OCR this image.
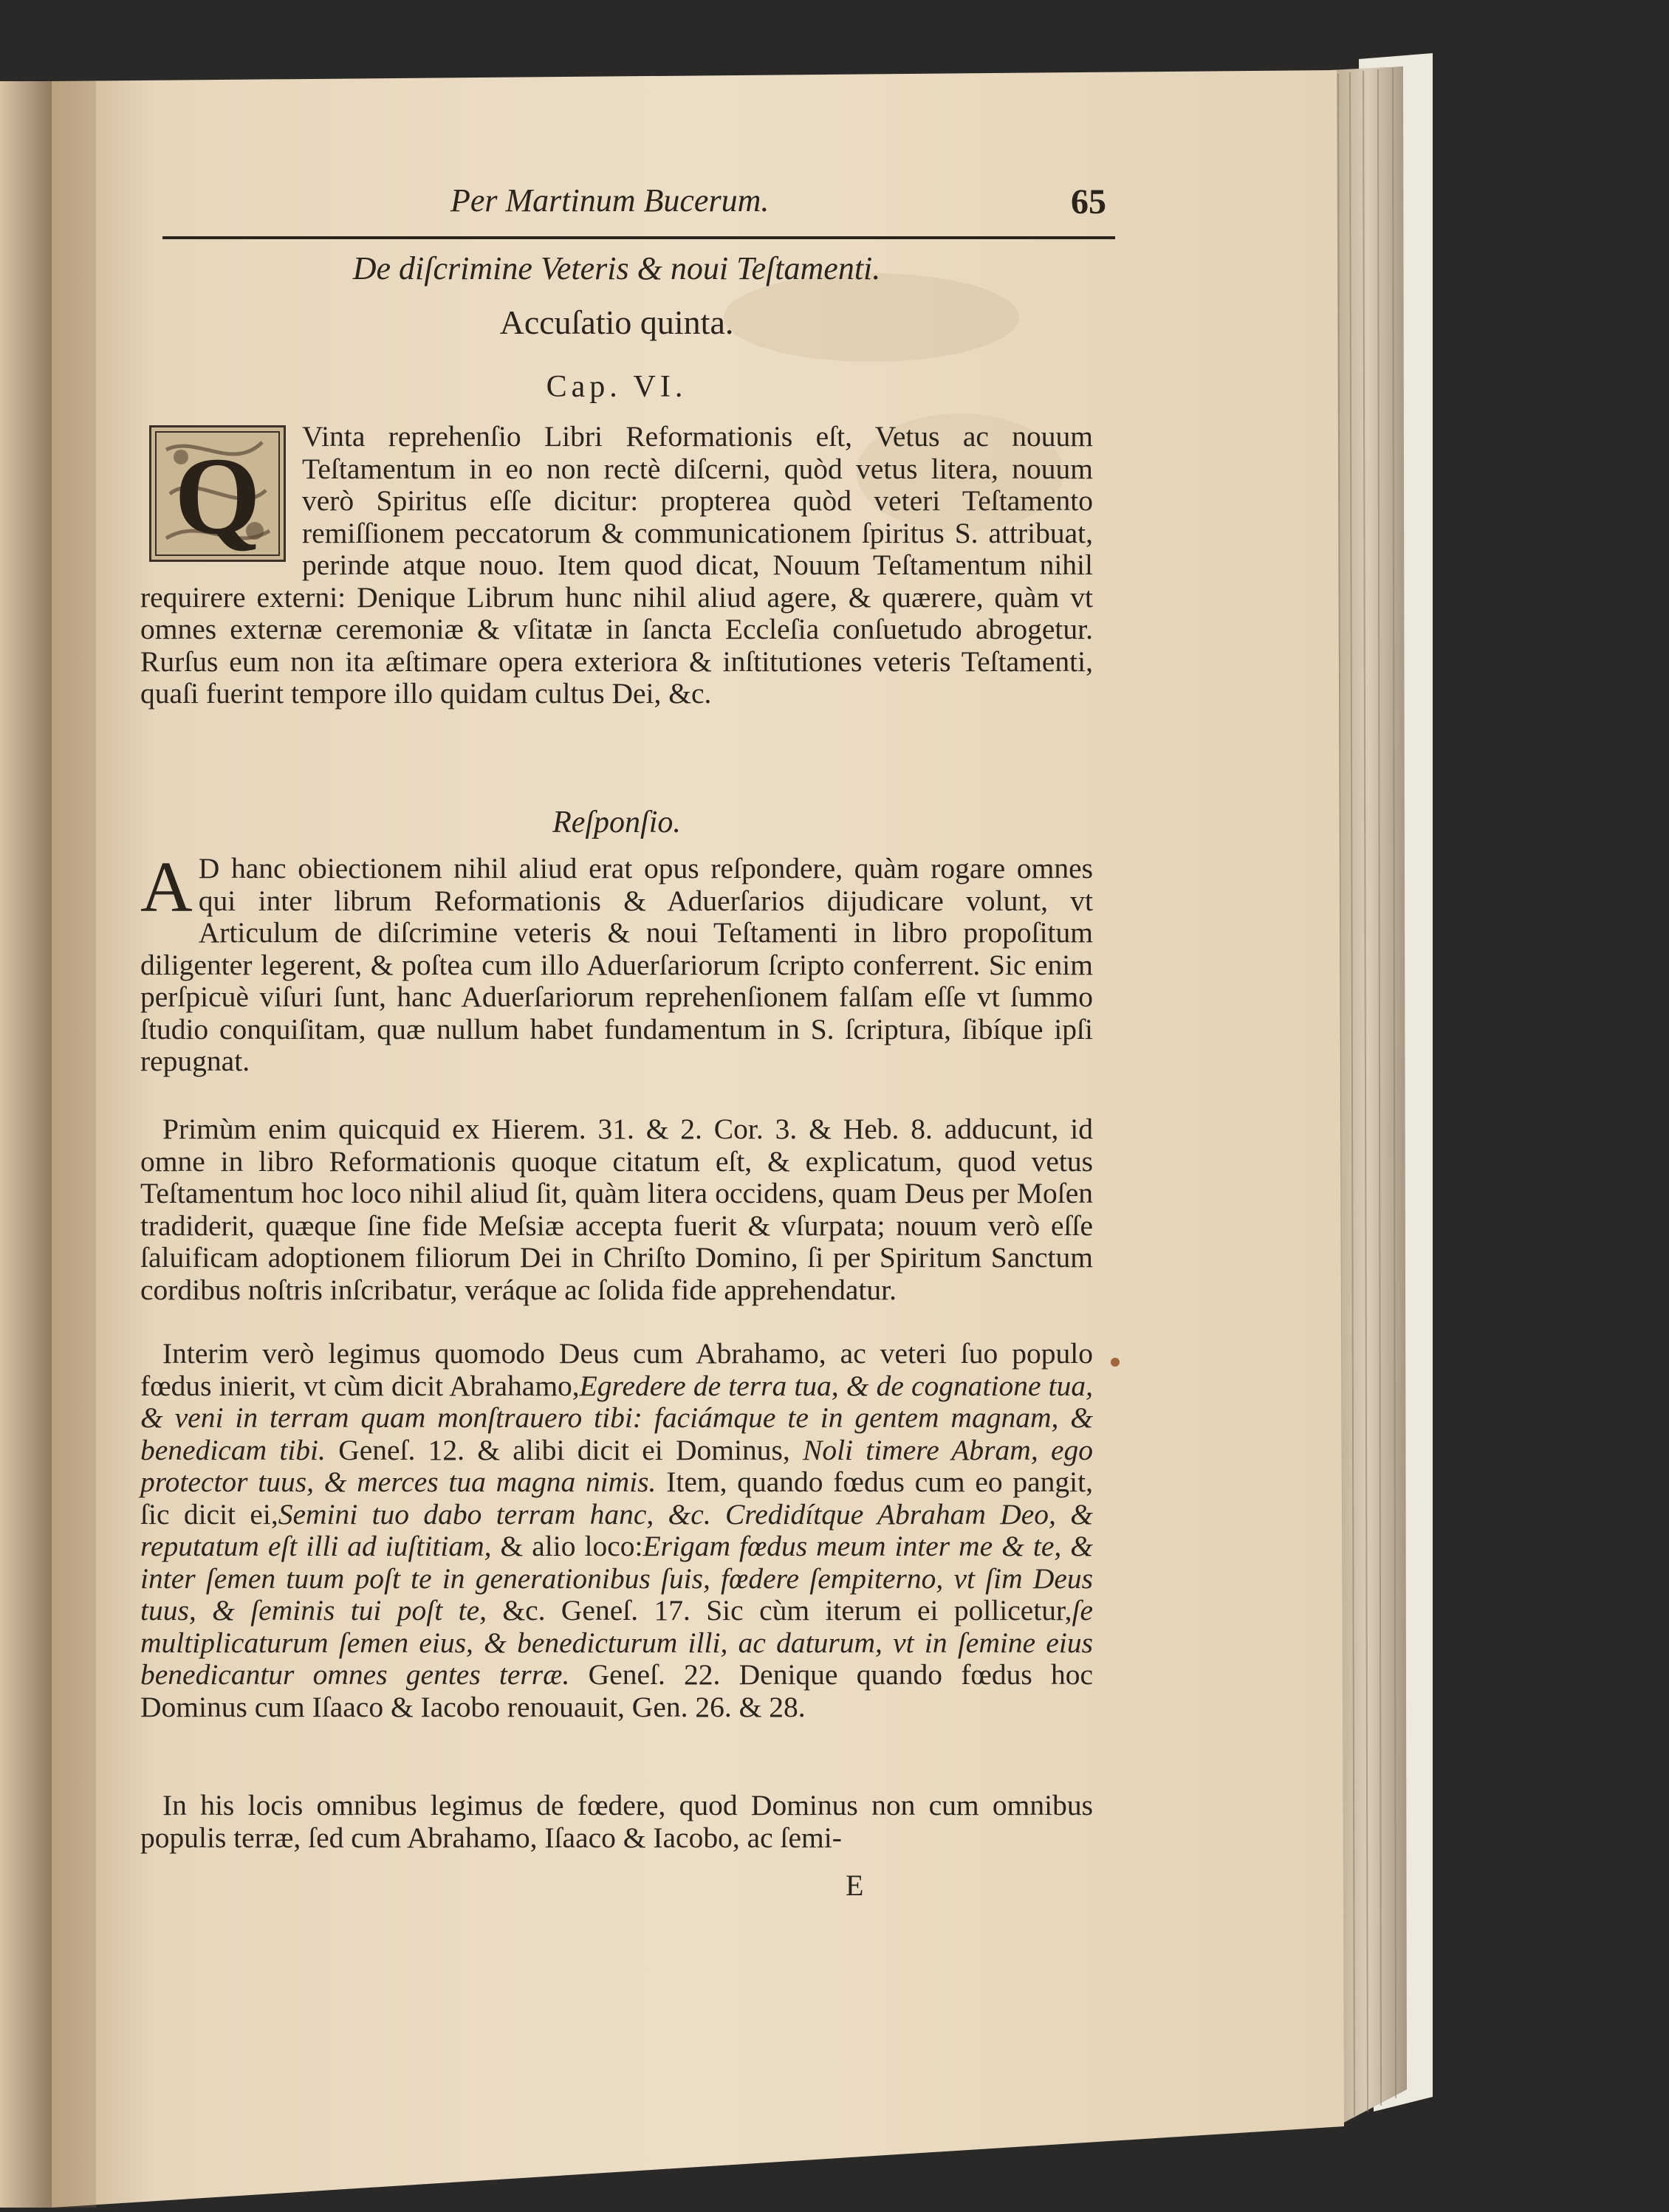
Per Martinum Bucerum.	65
De diſcrimine Veteris & noui Teſtamenti.
Accuſatio quinta.
Cap. VI.
Q	Vinta reprehenſio Libri Reformationis eſt, Vetus ac nouum Teſtamentum in eo non rectè diſcerni, quòd vetus litera, nouum verò Spiritus eſſe dicitur: propterea quòd veteri Teſtamento remiſſionem peccatorum & communicationem ſpiritus S. attribuat, perinde atque nouo. Item quod dicat, Nouum Teſtamentum nihil requirere externi: Denique Librum hunc nihil aliud agere, & quærere, quàm vt omnes externæ ceremoniæ & vſitatæ in ſancta Eccleſia conſuetudo abrogetur. Rurſus eum non ita æſtimare opera exteriora & inſtitutiones veteris Teſtamenti, quaſi fuerint tempore illo quidam cultus Dei, &c.
Reſponſio.
A D hanc obiectionem nihil aliud erat opus reſpondere, quàm rogare omnes qui inter librum Reformationis & Aduerſarios dijudicare volunt, vt Articulum de diſcrimine veteris & noui Teſtamenti in libro propoſitum diligenter legerent, & poſtea cum illo Aduerſariorum ſcripto conferrent. Sic enim perſpicuè viſuri ſunt, hanc Aduerſariorum reprehenſionem falſam eſſe vt ſummo ſtudio conquiſitam, quæ nullum habet fundamentum in S. ſcriptura, ſibíque ipſi repugnat.
Primùm enim quicquid ex Hierem. 31. & 2. Cor. 3. & Heb. 8. adducunt, id omne in libro Reformationis quoque citatum eſt, & explicatum, quod vetus Teſtamentum hoc loco nihil aliud ſit, quàm litera occidens, quam Deus per Moſen tradiderit, quæque ſine fide Meſsiæ accepta fuerit & vſurpata; nouum verò eſſe ſaluificam adoptionem filiorum Dei in Chriſto Domino, ſi per Spiritum Sanctum cordibus noſtris inſcribatur, veráque ac ſolida fide apprehendatur.
Interim verò legimus quomodo Deus cum Abrahamo, ac veteri ſuo populo fœdus inierit, vt cùm dicit Abrahamo,Egredere de terra tua, & de cognatione tua, & veni in terram quam monſtrauero tibi: faciámque te in gentem magnam, & benedicam tibi. Geneſ. 12. & alibi dicit ei Dominus, Noli timere Abram, ego protector tuus, & merces tua magna nimis. Item, quando fœdus cum eo pangit, ſic dicit ei,Semini tuo dabo terram hanc, &c. Credidítque Abraham Deo, & reputatum eſt illi ad iuſtitiam, & alio loco:Erigam fœdus meum inter me & te, & inter ſemen tuum poſt te in generationibus ſuis, fœdere ſempiterno, vt ſim Deus tuus, & ſeminis tui poſt te, &c. Geneſ. 17. Sic cùm iterum ei pollicetur,ſe multiplicaturum ſemen eius, & benedicturum illi, ac daturum, vt in ſemine eius benedicantur omnes gentes terræ. Geneſ. 22. Denique quando fœdus hoc Dominus cum Iſaaco & Iacobo renouauit, Gen. 26. & 28.
In his locis omnibus legimus de fœdere, quod Dominus non cum omnibus populis terræ, ſed cum Abrahamo, Iſaaco & Iacobo, ac ſemi-
E
